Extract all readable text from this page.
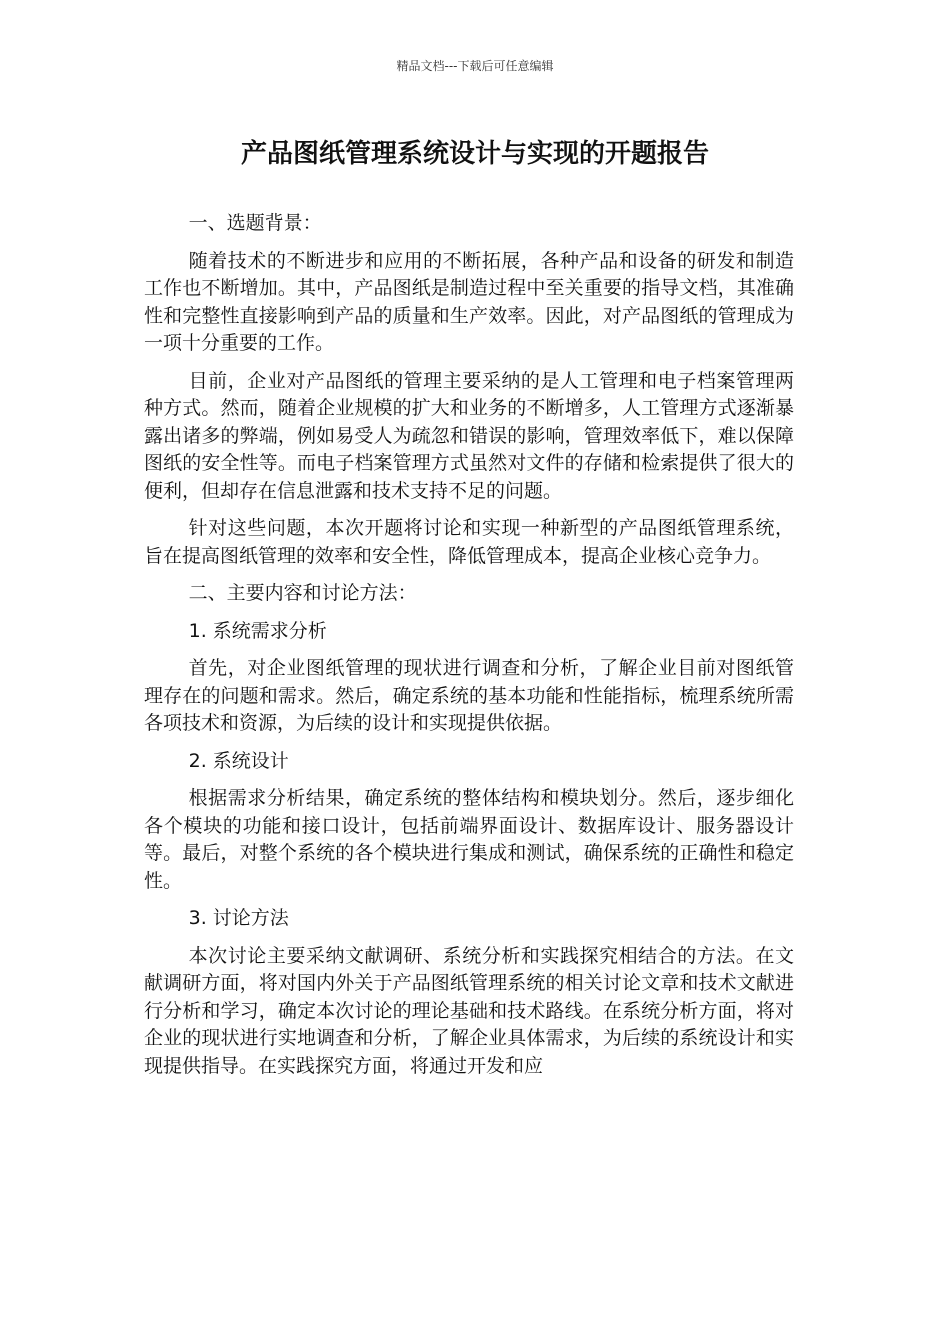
精品文档---下载后可任意编辑
产品图纸管理系统设计与实现的开题报告

一、选题背景：

随着技术的不断进步和应用的不断拓展，各种产品和设备的研发和制造工作也不断增加。其中，产品图纸是制造过程中至关重要的指导文档，其准确性和完整性直接影响到产品的质量和生产效率。因此，对产品图纸的管理成为一项十分重要的工作。

目前，企业对产品图纸的管理主要采纳的是人工管理和电子档案管理两种方式。然而，随着企业规模的扩大和业务的不断增多，人工管理方式逐渐暴露出诸多的弊端，例如易受人为疏忽和错误的影响，管理效率低下，难以保障图纸的安全性等。而电子档案管理方式虽然对文件的存储和检索提供了很大的便利，但却存在信息泄露和技术支持不足的问题。

针对这些问题，本次开题将讨论和实现一种新型的产品图纸管理系统，旨在提高图纸管理的效率和安全性，降低管理成本，提高企业核心竞争力。

二、主要内容和讨论方法：

1. 系统需求分析

首先，对企业图纸管理的现状进行调查和分析，了解企业目前对图纸管理存在的问题和需求。然后，确定系统的基本功能和性能指标，梳理系统所需各项技术和资源，为后续的设计和实现提供依据。

2. 系统设计

根据需求分析结果，确定系统的整体结构和模块划分。然后，逐步细化各个模块的功能和接口设计，包括前端界面设计、数据库设计、服务器设计等。最后，对整个系统的各个模块进行集成和测试，确保系统的正确性和稳定性。

3. 讨论方法

本次讨论主要采纳文献调研、系统分析和实践探究相结合的方法。在文献调研方面，将对国内外关于产品图纸管理系统的相关讨论文章和技术文献进行分析和学习，确定本次讨论的理论基础和技术路线。在系统分析方面，将对企业的现状进行实地调查和分析，了解企业具体需求，为后续的系统设计和实现提供指导。在实践探究方面，将通过开发和应
